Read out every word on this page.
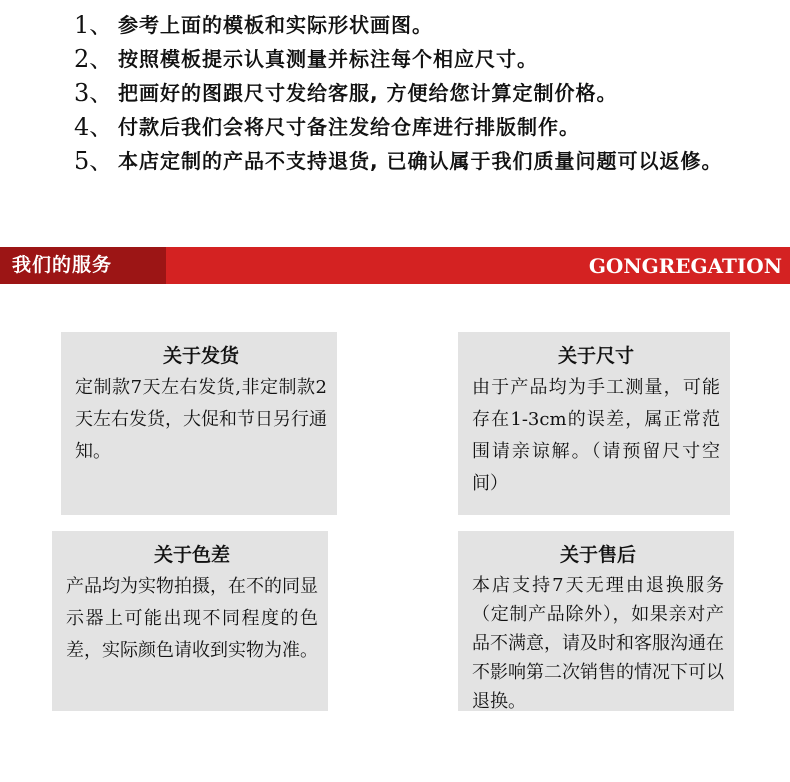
1、 参考上面的模板和实际形状画图。
2、 按照模板提示认真测量并标注每个相应尺寸。
3、 把画好的图跟尺寸发给客服, 方便给您计算定制价格。
4、 付款后我们会将尺寸备注发给仓库进行排版制作。
5、 本店定制的产品不支持退货, 已确认属于我们质量问题可以返修。
我们的服务	GONGREGATION
关于发货
定制款7天左右发货,非定制款2天左右发货，大促和节日另行通知。
关于尺寸
由于产品均为手工测量，可能存在1-3cm的误差，属正常范围请亲谅解。（请预留尺寸空间）
关于色差
产品均为实物拍摄，在不的同显示器上可能出现不同程度的色差，实际颜色请收到实物为准。
关于售后
本店支持7天无理由退换服务（定制产品除外），如果亲对产品不满意，请及时和客服沟通在不影响第二次销售的情况下可以退换。
